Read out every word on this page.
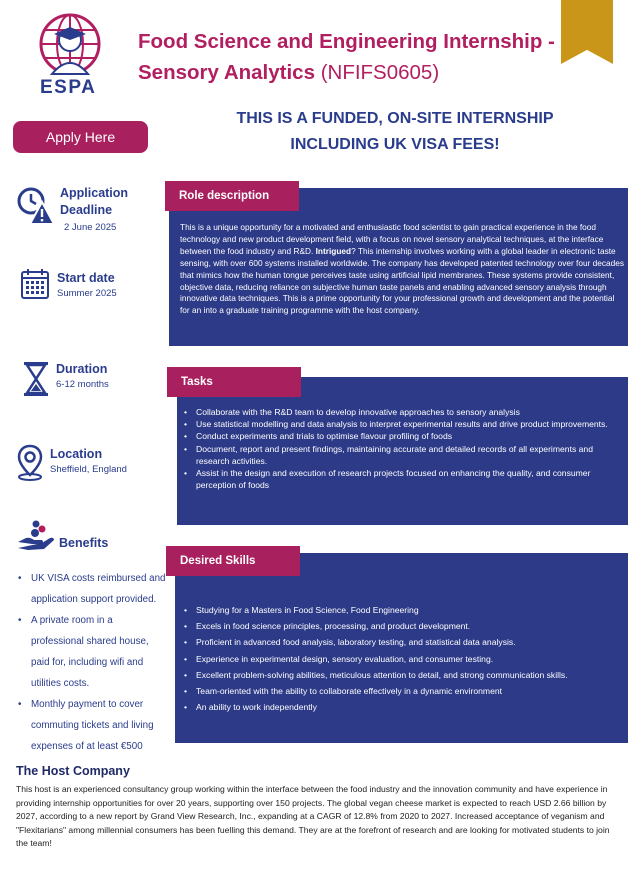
ESPA
Food Science and Engineering Internship - Sensory Analytics (NFIFS0605)
THIS IS A FUNDED, ON-SITE INTERNSHIP
INCLUDING UK VISA FEES!
Apply Here
Application
Deadline
2 June 2025
Start date
Summer 2025
Duration
6-12 months
Location
Sheffield, England
Benefits
• UK VISA costs reimbursed and application support provided.
• A private room in a professional shared house, paid for, including wifi and utilities costs.
• Monthly payment to cover commuting tickets and living expenses of at least €500
Role description
This is a unique opportunity for a motivated and enthusiastic food scientist to gain practical experience in the food technology and new product development field, with a focus on novel sensory analytical techniques, at the interface between the food industry and R&D. Intrigued? This internship involves working with a global leader in electronic taste sensing, with over 600 systems installed worldwide. The company has developed patented technology over four decades that mimics how the human tongue perceives taste using artificial lipid membranes. These systems provide consistent, objective data, reducing reliance on subjective human taste panels and enabling advanced sensory analysis through innovative data techniques. This is a prime opportunity for your professional growth and development and the potential for an into a graduate training programme with the host company.
Tasks
• Collaborate with the R&D team to develop innovative approaches to sensory analysis
• Use statistical modelling and data analysis to interpret experimental results and drive product improvements.
• Conduct experiments and trials to optimise flavour profiling of foods
• Document, report and present findings, maintaining accurate and detailed records of all experiments and research activities.
• Assist in the design and execution of research projects focused on enhancing the quality, and consumer perception of foods
Desired Skills
• Studying for a Masters in Food Science, Food Engineering
• Excels in food science principles, processing, and product development.
• Proficient in advanced food analysis, laboratory testing, and statistical data analysis.
• Experience in experimental design, sensory evaluation, and consumer testing.
• Excellent problem-solving abilities, meticulous attention to detail, and strong communication skills.
• Team-oriented with the ability to collaborate effectively in a dynamic environment
• An ability to work independently
The Host Company
This host is an experienced consultancy group working within the interface between the food industry and the innovation community and have experience in providing internship opportunities for over 20 years, supporting over 150 projects. The global vegan cheese market is expected to reach USD 2.66 billion by 2027, according to a new report by Grand View Research, Inc., expanding at a CAGR of 12.8% from 2020 to 2027. Increased acceptance of veganism and "Flexitarians" among millennial consumers has been fuelling this demand. They are at the forefront of research and are looking for motivated students to join the team!
